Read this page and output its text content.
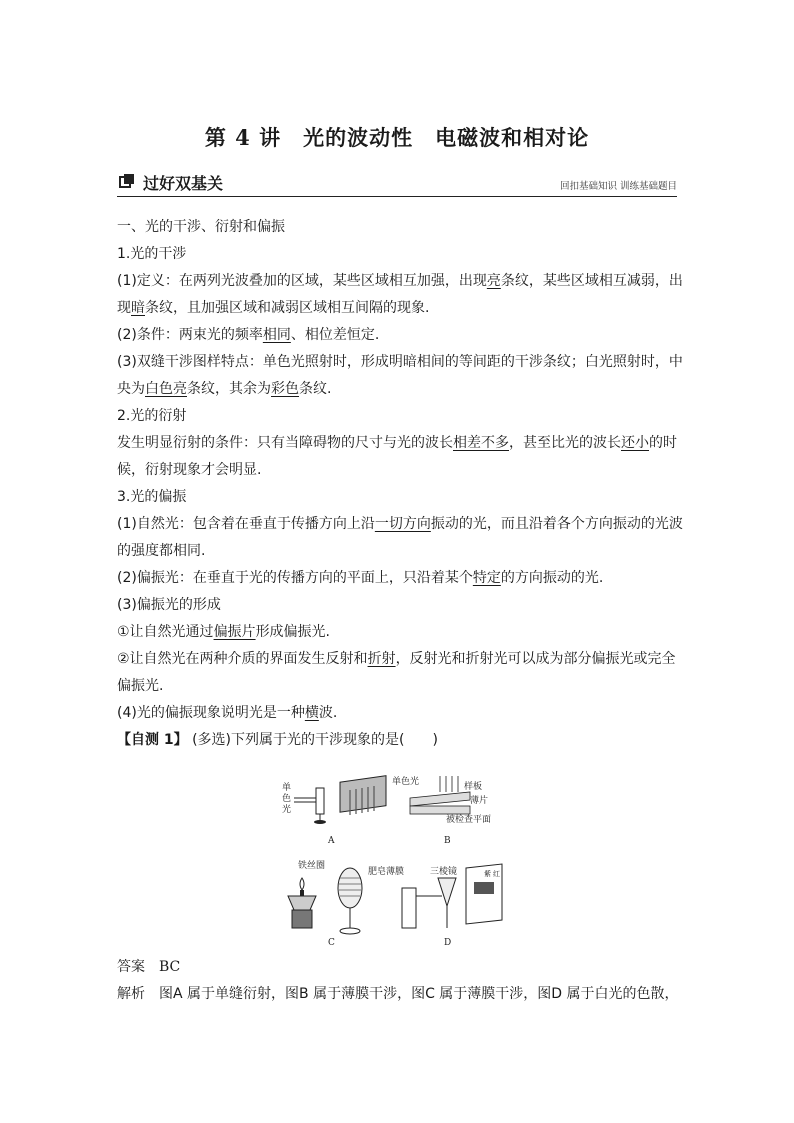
第 4 讲　光的波动性　电磁波和相对论
过好双基关	回扣基础知识 训练基础题目
一、光的干涉、衍射和偏振
1.光的干涉
(1)定义：在两列光波叠加的区域，某些区域相互加强，出现亮条纹，某些区域相互减弱，出
现暗条纹，且加强区域和减弱区域相互间隔的现象.
(2)条件：两束光的频率相同、相位差恒定.
(3)双缝干涉图样特点：单色光照射时，形成明暗相间的等间距的干涉条纹；白光照射时，中
央为白色亮条纹，其余为彩色条纹.
2.光的衍射
发生明显衍射的条件：只有当障碍物的尺寸与光的波长相差不多，甚至比光的波长还小的时
候，衍射现象才会明显.
3.光的偏振
(1)自然光：包含着在垂直于传播方向上沿一切方向振动的光，而且沿着各个方向振动的光波
的强度都相同.
(2)偏振光：在垂直于光的传播方向的平面上，只沿着某个特定的方向振动的光.
(3)偏振光的形成
①让自然光通过偏振片形成偏振光.
②让自然光在两种介质的界面发生反射和折射，反射光和折射光可以成为部分偏振光或完全
偏振光.
(4)光的偏振现象说明光是一种横波.
【自测 1】 (多选)下列属于光的干涉现象的是(　　)
单
色
光
A
单色光	样板
薄片
被检查平面
B
铁丝圈
肥皂薄膜
C
三棱镜	紫 红
D
答案　 BC
解析　 图A 属于单缝衍射，图B 属于薄膜干涉，图C 属于薄膜干涉，图D 属于白光的色散，
